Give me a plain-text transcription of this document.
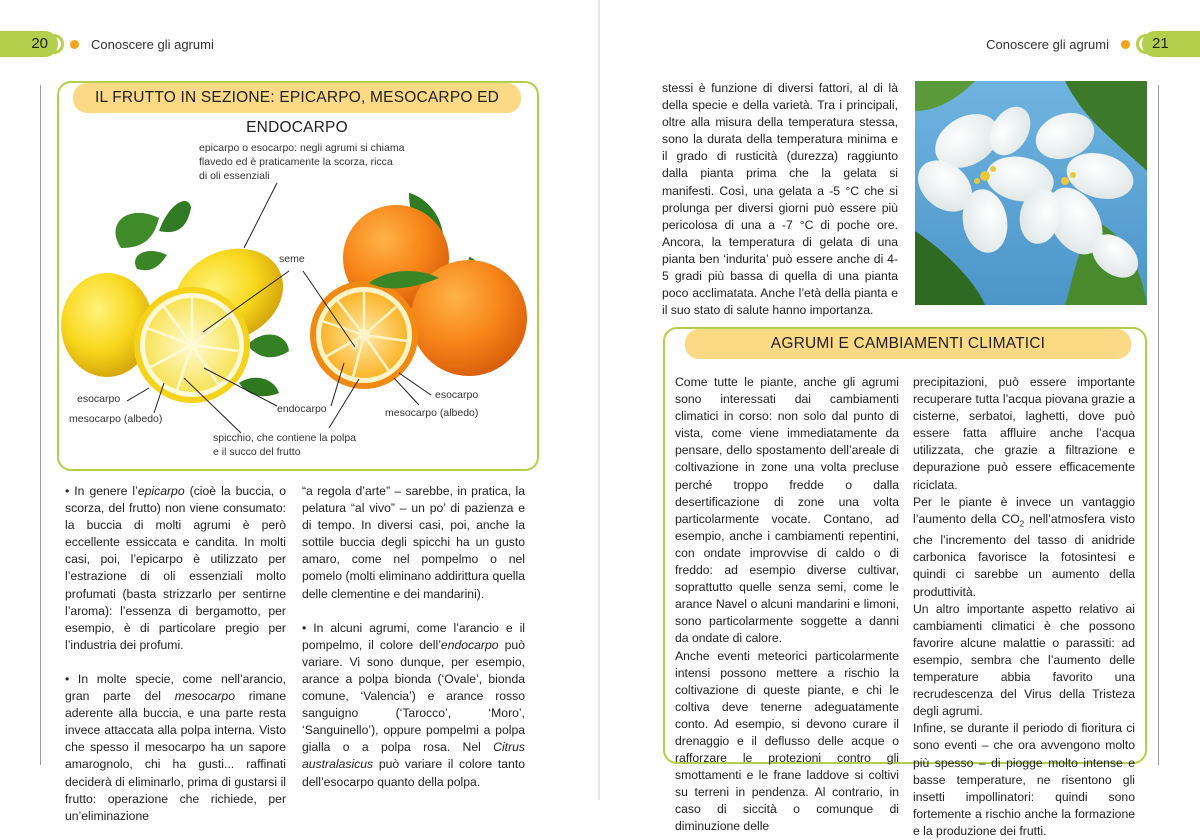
20	Conoscere gli agrumi
IL FRUTTO IN SEZIONE: EPICARPO, MESOCARPO ED ENDOCARPO
epicarpo o esocarpo: negli agrumi si chiama
flavedo ed è praticamente la scorza, ricca
di oli essenziali
seme
esocarpo
mesocarpo (albedo)
endocarpo
esocarpo
mesocarpo (albedo)
spicchio, che contiene la polpa
e il succo del frutto

• In genere l’epicarpo (cioè la buccia, o scorza, del frutto) non viene consumato: la buccia di molti agrumi è però eccellente essiccata e candita. In molti casi, poi, l’epicarpo è utilizzato per l’estrazione di oli essenziali molto profumati (basta strizzarlo per sentirne l’aroma): l’essenza di bergamotto, per esempio, è di particolare pregio per l’industria dei profumi.

• In molte specie, come nell’arancio, gran parte del mesocarpo rimane aderente alla buccia, e una parte resta invece attaccata alla polpa interna. Visto che spesso il mesocarpo ha un sapore amarognolo, chi ha gusti... raffinati deciderà di eliminarlo, prima di gustarsi il frutto: operazione che richiede, per un’eliminazione

“a regola d’arte” – sarebbe, in pratica, la pelatura “al vivo” – un po’ di pazienza e di tempo. In diversi casi, poi, anche la sottile buccia degli spicchi ha un gusto amaro, come nel pompelmo o nel pomelo (molti eliminano addirittura quella delle clementine e dei mandarini).

• In alcuni agrumi, come l’arancio e il pompelmo, il colore dell’endocarpo può variare. Vi sono dunque, per esempio, arance a polpa bionda (‘Ovale’, bionda comune, ‘Valencia’) e arance rosso sanguigno (‘Tarocco’, ‘Moro’, ‘Sanguinello’), oppure pompelmi a polpa gialla o a polpa rosa. Nel Citrus australasicus può variare il colore tanto dell’esocarpo quanto della polpa.

21
Conoscere gli agrumi
stessi è funzione di diversi fattori, al di là della specie e della varietà. Tra i principali, oltre alla misura della temperatura stessa, sono la durata della temperatura minima e il grado di rusticità (durezza) raggiunto dalla pianta prima che la gelata si manifesti. Così, una gelata a -5 °C che si prolunga per diversi giorni può essere più pericolosa di una a -7 °C di poche ore. Ancora, la temperatura di gelata di una pianta ben ‘indurita’ può essere anche di 4-5 gradi più bassa di quella di una pianta poco acclimatata. Anche l’età della pianta e il suo stato di salute hanno importanza.
AGRUMI E CAMBIAMENTI CLIMATICI

Come tutte le piante, anche gli agrumi sono interessati dai cambiamenti climatici in corso: non solo dal punto di vista, come viene immediatamente da pensare, dello spostamento dell’areale di coltivazione in zone una volta precluse perché troppo fredde o dalla desertificazione di zone una volta particolarmente vocate. Contano, ad esempio, anche i cambiamenti repentini, con ondate improvvise di caldo o di freddo: ad esempio diverse cultivar, soprattutto quelle senza semi, come le arance Navel o alcuni mandarini e limoni, sono particolarmente soggette a danni da ondate di calore.

Anche eventi meteorici particolarmente intensi possono mettere a rischio la coltivazione di queste piante, e chi le coltiva deve tenerne adeguatamente conto. Ad esempio, si devono curare il drenaggio e il deflusso delle acque o rafforzare le protezioni contro gli smottamenti e le frane laddove si coltivi su terreni in pendenza. Al contrario, in caso di siccità o comunque di diminuzione delle

precipitazioni, può essere importante recuperare tutta l’acqua piovana grazie a cisterne, serbatoi, laghetti, dove può essere fatta affluire anche l’acqua utilizzata, che grazie a filtrazione e depurazione può essere efficacemente riciclata.

Per le piante è invece un vantaggio l’aumento della $CO_2$ nell’atmosfera visto che l’incremento del tasso di anidride carbonica favorisce la fotosintesi e quindi ci sarebbe un aumento della produttività.

Un altro importante aspetto relativo ai cambiamenti climatici è che possono favorire alcune malattie o parassiti: ad esempio, sembra che l’aumento delle temperature abbia favorito una recrudescenza del Virus della Tristeza degli agrumi.

Infine, se durante il periodo di fioritura ci sono eventi – che ora avvengono molto più spesso – di piogge molto intense e basse temperature, ne risentono gli insetti impollinatori: quindi sono fortemente a rischio anche la formazione e la produzione dei frutti.
